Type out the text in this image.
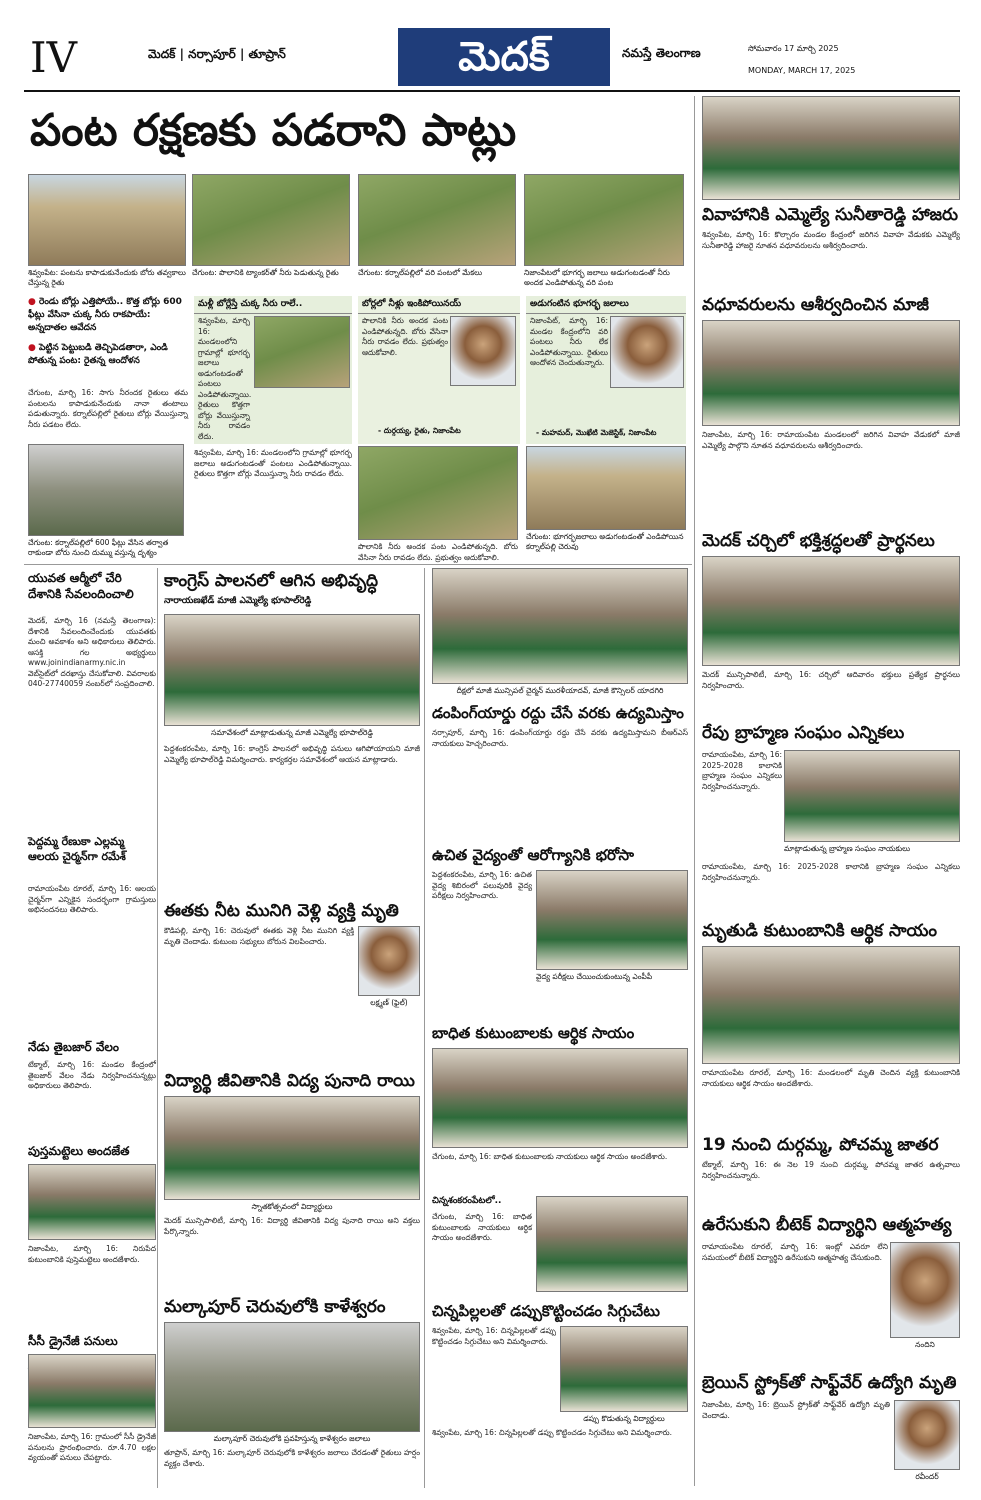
IV	మెదక్ | నర్సాపూర్ | తూప్రాన్	మెదక్	నమస్తే తెలంగాణ	సోమవారం 17 మార్చి 2025
MONDAY, MARCH 17, 2025
పంట రక్షణకు పడరాని పాట్లు
శివ్వంపేట: పంటను కాపాడుకునేందుకు బోరు తవ్వకాలు చేస్తున్న రైతు
చేగుంట: పొలానికి ట్యాంకర్‌తో నీరు పెడుతున్న రైతు	చేగుంట: కర్నాల్‌పల్లిలో వరి పంటలో మేకలు	నిజాంపేటలో భూగర్భ జలాలు అడుగంటడంతో నీరు అందక ఎండిపోతున్న వరి పంట
● రెండు బోర్లు ఎత్తిపోయే.. కొత్త బోర్లు 600 ఫీట్లు వేసినా చుక్క నీరు రాకపాయే: అన్నదాతల ఆవేదన
● పెట్టిన పెట్టుబడి తెచ్చిపెడతారా, ఎండి పోతున్న పంట: రైతన్న ఆందోళన
చేగుంట, మార్చి 16: సాగు నీరందక రైతులు తమ పంటలను కాపాడుకునేందుకు నానా తంటాలు పడుతున్నారు. కర్నాల్‌పల్లిలో రైతులు బోర్లు వేయిస్తున్నా నీరు పడటం లేదు.
చేగుంట: కర్నాల్‌పల్లిలో 600 ఫీట్లు వేసిన తర్వాత రాకుండా బోరు నుంచి దుమ్ము వస్తున్న దృశ్యం
మళ్లీ బోర్లేస్తే చుక్క నీరు రాలే..
శివ్వంపేట, మార్చి 16: మండలంలోని గ్రామాల్లో భూగర్భ జలాలు అడుగంటడంతో పంటలు ఎండిపోతున్నాయి. రైతులు కొత్తగా బోర్లు వేయిస్తున్నా నీరు రావడం లేదు.
శివ్వంపేట, మార్చి 16: మండలంలోని గ్రామాల్లో భూగర్భ జలాలు అడుగంటడంతో పంటలు ఎండిపోతున్నాయి. రైతులు కొత్తగా బోర్లు వేయిస్తున్నా నీరు రావడం లేదు.
బోర్లలో నీళ్లు ఇంకిపోయినయ్
పొలానికి నీరు అందక పంట ఎండిపోతున్నది. బోరు వేసినా నీరు రావడం లేదు. ప్రభుత్వం ఆదుకోవాలి.
- దుర్గయ్య, రైతు, నిజాంపేట
అడుగంటిన భూగర్భ జలాలు
నిజాంపేట్, మార్చి 16: మండల కేంద్రంలోని వరి పంటలు నీరు లేక ఎండిపోతున్నాయి. రైతులు ఆందోళన చెందుతున్నారు.
- మహమద్, మొఖేటి మెజెస్టిక్, నిజాంపేట
పొలానికి నీరు అందక పంట ఎండిపోతున్నది. బోరు వేసినా నీరు రావడం లేదు. ప్రభుత్వం ఆదుకోవాలి.
చేగుంట: భూగర్భజలాలు అడుగంటడంతో ఎండిపోయిన కర్నాల్‌పల్లి చెరువు
వివాహానికి ఎమ్మెల్యే సునీతారెడ్డి హాజరు
శివ్వంపేట, మార్చి 16: కొల్చారం మండల కేంద్రంలో జరిగిన వివాహ వేడుకకు ఎమ్మెల్యే సునీతారెడ్డి హాజరై నూతన వధూవరులను ఆశీర్వదించారు.
వధూవరులను ఆశీర్వదించిన మాజీ
నిజాంపేట, మార్చి 16: రామాయంపేట మండలంలో జరిగిన వివాహ వేడుకలో మాజీ ఎమ్మెల్యే పాల్గొని నూతన వధూవరులను ఆశీర్వదించారు.
మెదక్ చర్చిలో భక్తిశ్రద్ధలతో ప్రార్థనలు
మెదక్ మున్సిపాలిటీ, మార్చి 16: చర్చిలో ఆదివారం భక్తులు ప్రత్యేక ప్రార్థనలు నిర్వహించారు.
రేపు బ్రాహ్మణ సంఘం ఎన్నికలు
రామాయంపేట, మార్చి 16: 2025-2028 కాలానికి బ్రాహ్మణ సంఘం ఎన్నికలు నిర్వహించనున్నారు.
మాట్లాడుతున్న బ్రాహ్మణ సంఘం నాయకులు
రామాయంపేట, మార్చి 16: 2025-2028 కాలానికి బ్రాహ్మణ సంఘం ఎన్నికలు నిర్వహించనున్నారు.
మృతుడి కుటుంబానికి ఆర్థిక సాయం
రామాయంపేట రూరల్, మార్చి 16: మండలంలో మృతి చెందిన వ్యక్తి కుటుంబానికి నాయకులు ఆర్థిక సాయం అందజేశారు.
19 నుంచి దుర్గమ్మ, పోచమ్మ జాతర
టేక్మాల్, మార్చి 16: ఈ నెల 19 నుంచి దుర్గమ్మ, పోచమ్మ జాతర ఉత్సవాలు నిర్వహించనున్నారు.
ఉరేసుకుని బీటెక్ విద్యార్థిని ఆత్మహత్య
రామాయంపేట రూరల్, మార్చి 16: ఇంట్లో ఎవరూ లేని సమయంలో బీటెక్ విద్యార్థిని ఉరేసుకుని ఆత్మహత్య చేసుకుంది.
నందిని
బ్రెయిన్ స్ట్రోక్‌తో సాఫ్ట్‌వేర్ ఉద్యోగి మృతి
నిజాంపేట, మార్చి 16: బ్రెయిన్ స్ట్రోక్‌తో సాఫ్ట్‌వేర్ ఉద్యోగి మృతి చెందాడు.
రవీందర్
యువత ఆర్మీలో చేరి దేశానికి సేవలందించాలి
మెదక్, మార్చి 16 (నమస్తే తెలంగాణ): దేశానికి సేవలందించేందుకు యువతకు మంచి అవకాశం అని అధికారులు తెలిపారు. ఆసక్తి గల అభ్యర్థులు www.joinindianarmy.nic.in వెబ్‌సైట్‌లో దరఖాస్తు చేసుకోవాలి. వివరాలకు 040-27740059 నంబర్‌లో సంప్రదించాలి.
పెద్దమ్మ రేణుకా ఎల్లమ్మ ఆలయ చైర్మన్‌గా రమేశ్
రామాయంపేట రూరల్, మార్చి 16: ఆలయ చైర్మన్‌గా ఎన్నికైన సందర్భంగా గ్రామస్తులు అభినందనలు తెలిపారు.
నేడు తైబజార్ వేలం
టేక్మాల్, మార్చి 16: మండల కేంద్రంలో తైబజార్ వేలం నేడు నిర్వహించనున్నట్లు అధికారులు తెలిపారు.
పుస్తమట్టెలు అందజేత
నిజాంపేట, మార్చి 16: నిరుపేద కుటుంబానికి పుస్తెమట్టెలు అందజేశారు.
సీసీ డ్రైనేజీ పనులు
నిజాంపేట, మార్చి 16: గ్రామంలో సీసీ డ్రైనేజీ పనులను ప్రారంభించారు. రూ.4.70 లక్షల వ్యయంతో పనులు చేపట్టారు.
కాంగ్రెస్ పాలనలో ఆగిన అభివృద్ధి
నారాయణఖేడ్ మాజీ ఎమ్మెల్యే భూపాల్‌రెడ్డి
సమావేశంలో మాట్లాడుతున్న మాజీ ఎమ్మెల్యే భూపాల్‌రెడ్డి
పెద్దశంకరంపేట, మార్చి 16: కాంగ్రెస్ పాలనలో అభివృద్ధి పనులు ఆగిపోయాయని మాజీ ఎమ్మెల్యే భూపాల్‌రెడ్డి విమర్శించారు. కార్యకర్తల సమావేశంలో ఆయన మాట్లాడారు.
ఈతకు నీట మునిగి వెళ్లి వ్యక్తి మృతి
కౌడిపల్లి, మార్చి 16: చెరువులో ఈతకు వెళ్లి నీట మునిగి వ్యక్తి మృతి చెందాడు. కుటుంబ సభ్యులు బోరున విలపించారు.
లక్ష్మణ్ (ఫైల్)
విద్యార్థి జీవితానికి విద్య పునాది రాయి
స్నాతకోత్సవంలో విద్యార్థులు
మెదక్ మున్సిపాలిటీ, మార్చి 16: విద్యార్థి జీవితానికి విద్య పునాది రాయి అని వక్తలు పేర్కొన్నారు.
మల్కాపూర్ చెరువులోకి కాళేశ్వరం
మల్కాపూర్ చెరువులోకి ప్రవహిస్తున్న కాళేశ్వరం జలాలు
తూప్రాన్, మార్చి 16: మల్కాపూర్ చెరువులోకి కాళేశ్వరం జలాలు చేరడంతో రైతులు హర్షం వ్యక్తం చేశారు.
దీక్షలో మాజీ మున్సిపల్ చైర్మన్ మురళీయాదవ్, మాజీ కౌన్సిలర్ యాదగిరి
డంపింగ్‌యార్డు రద్దు చేసే వరకు ఉద్యమిస్తాం
నర్సాపూర్, మార్చి 16: డంపింగ్‌యార్డు రద్దు చేసే వరకు ఉద్యమిస్తామని బీఆర్‌ఎస్ నాయకులు హెచ్చరించారు.
ఉచిత వైద్యంతో ఆరోగ్యానికి భరోసా
పెద్దశంకరంపేట, మార్చి 16: ఉచిత వైద్య శిబిరంలో పలువురికి వైద్య పరీక్షలు నిర్వహించారు.
వైద్య పరీక్షలు చేయించుకుంటున్న ఎంపీపీ
బాధిత కుటుంబాలకు ఆర్థిక సాయం
చేగుంట, మార్చి 16: బాధిత కుటుంబాలకు నాయకులు ఆర్థిక సాయం అందజేశారు.
చిన్నశంకరంపేటలో..
చేగుంట, మార్చి 16: బాధిత కుటుంబాలకు నాయకులు ఆర్థిక సాయం అందజేశారు.
చిన్నపిల్లలతో డప్పుకొట్టించడం సిగ్గుచేటు
శివ్వంపేట, మార్చి 16: చిన్నపిల్లలతో డప్పు కొట్టించడం సిగ్గుచేటు అని విమర్శించారు.
డప్పు కొడుతున్న విద్యార్థులు
శివ్వంపేట, మార్చి 16: చిన్నపిల్లలతో డప్పు కొట్టించడం సిగ్గుచేటు అని విమర్శించారు.
